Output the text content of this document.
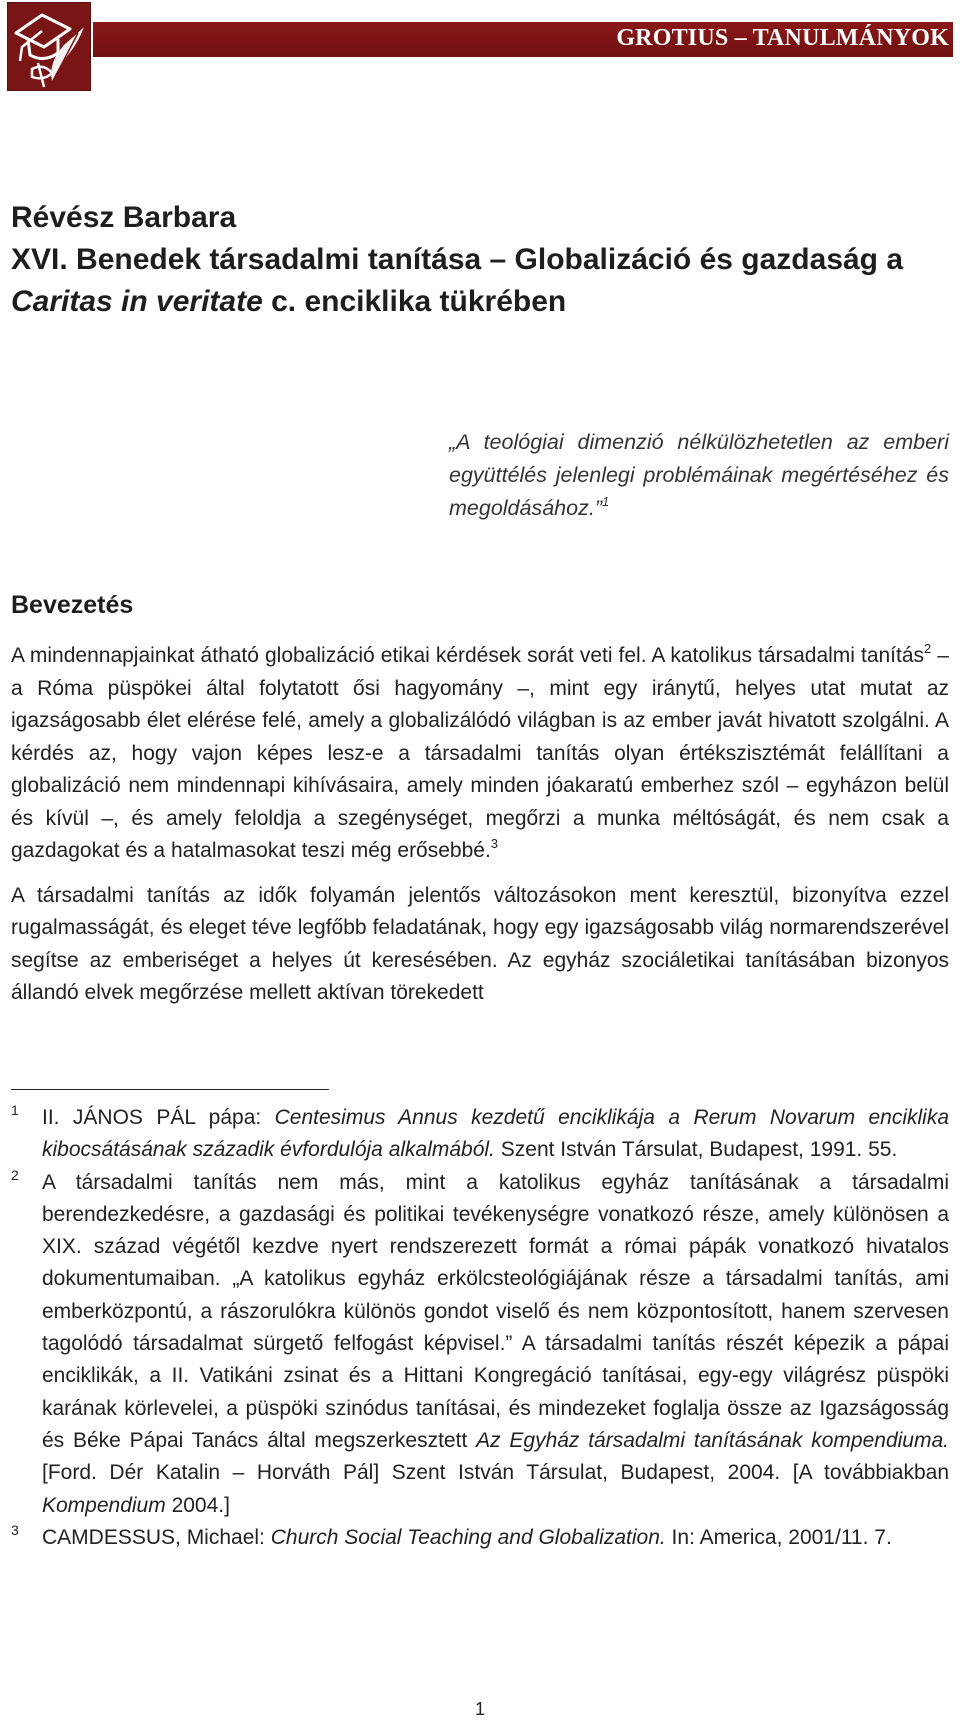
GROTIUS – TANULMÁNYOK
Révész Barbara
XVI. Benedek társadalmi tanítása – Globalizáció és gazdaság a
Caritas in veritate c. enciklika tükrében
„A teológiai dimenzió nélkülözhetetlen az emberi együttélés jelenlegi problémáinak megértéséhez és megoldásához.”$^1$
Bevezetés

A mindennapjainkat átható globalizáció etikai kérdések sorát veti fel. A katolikus társadalmi tanítás$^2$ – a Róma püspökei által folytatott ősi hagyomány –, mint egy iránytű, helyes utat mutat az igazságosabb élet elérése felé, amely a globalizálódó világban is az ember javát hivatott szolgálni. A kérdés az, hogy vajon képes lesz-e a társadalmi tanítás olyan értékszisztémát felállítani a globalizáció nem mindennapi kihívásaira, amely minden jóakaratú emberhez szól – egyházon belül és kívül –, és amely feloldja a szegénységet, megőrzi a munka méltóságát, és nem csak a gazdagokat és a hatalmasokat teszi még erősebbé.$^3$

A társadalmi tanítás az idők folyamán jelentős változásokon ment keresztül, bizonyítva ezzel rugalmasságát, és eleget téve legfőbb feladatának, hogy egy igazságosabb világ normarendszerével segítse az emberiséget a helyes út keresésében. Az egyház szociáletikai tanításában bizonyos állandó elvek megőrzése mellett aktívan törekedett

1 II. JÁNOS PÁL pápa: Centesimus Annus kezdetű enciklikája a Rerum Novarum enciklika kibocsátásának századik évfordulója alkalmából. Szent István Társulat, Budapest, 1991. 55.

2 A társadalmi tanítás nem más, mint a katolikus egyház tanításának a társadalmi berendezkedésre, a gazdasági és politikai tevékenységre vonatkozó része, amely különösen a XIX. század végétől kezdve nyert rendszerezett formát a római pápák vonatkozó hivatalos dokumentumaiban. „A katolikus egyház erkölcsteológiájának része a társadalmi tanítás, ami emberközpontú, a rászorulókra különös gondot viselő és nem központosított, hanem szervesen tagolódó társadalmat sürgető felfogást képvisel.” A társadalmi tanítás részét képezik a pápai enciklikák, a II. Vatikáni zsinat és a Hittani Kongregáció tanításai, egy-egy világrész püspöki karának körlevelei, a püspöki szinódus tanításai, és mindezeket foglalja össze az Igazságosság és Béke Pápai Tanács által megszerkesztett Az Egyház társadalmi tanításának kompendiuma. [Ford. Dér Katalin – Horváth Pál] Szent István Társulat, Budapest, 2004. [A továbbiakban Kompendium 2004.]

3 CAMDESSUS, Michael: Church Social Teaching and Globalization. In: America, 2001/11. 7.

1
